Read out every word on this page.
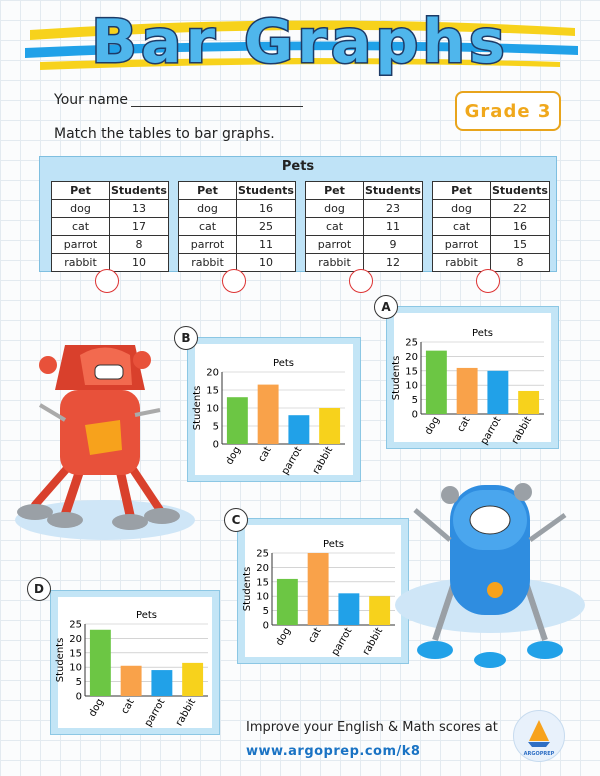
Bar Graphs
Your name
Grade 3
Match the tables to bar graphs.
Pets
Pet	Students
dog	13
cat	17
parrot	8
rabbit	10
Pet	Students
dog	16
cat	25
parrot	11
rabbit	10
Pet	Students
dog	23
cat	11
parrot	9
rabbit	12
Pet	Students
dog	22
cat	16
parrot	15
rabbit	8
Pets
Students
0
5
10
15
20
dog cat parrot rabbit
B	Pets
Students
0
5
10
15
20
25
dog cat parrot rabbit
A
Pets
Students
0
5
10
15
20
25
dog cat parrot rabbit
C
Pets
Students
0
5
10
15
20
25
dog cat parrot rabbit
D
Improve your English & Math scores at
www.argoprep.com/k8	ARGOPREP
